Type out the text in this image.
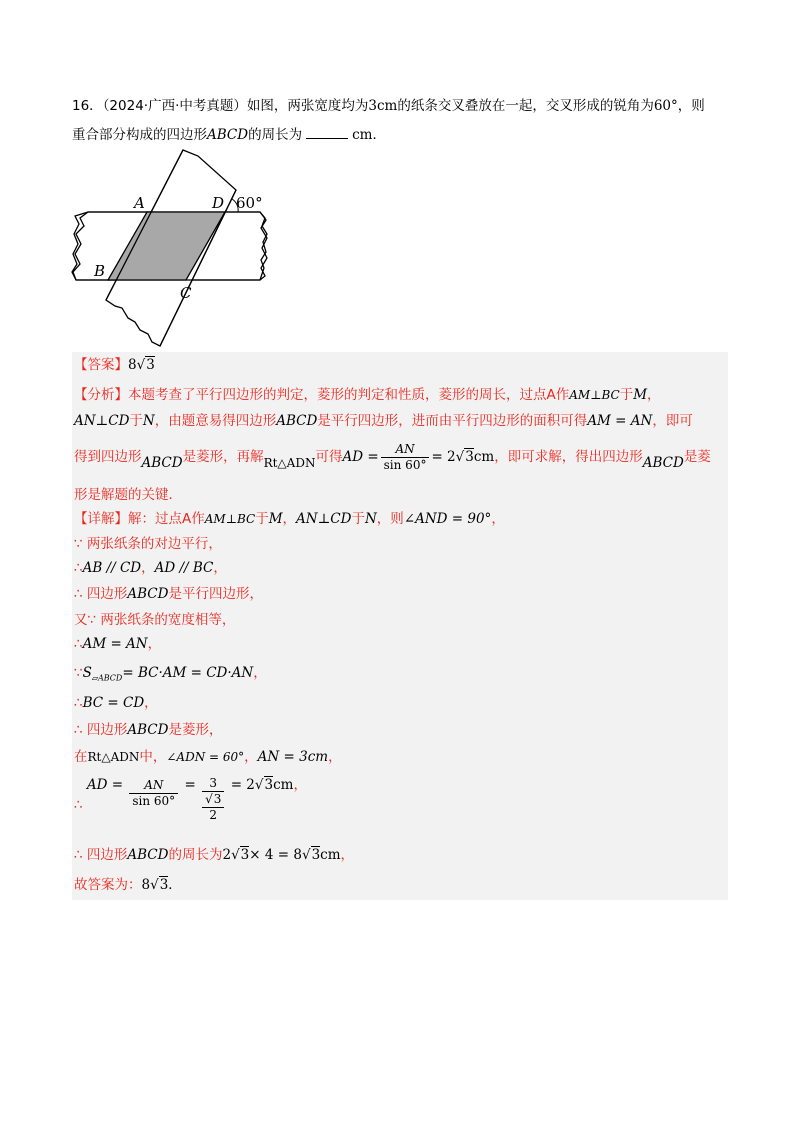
16．（2024·广西·中考真题）如图，两张宽度均为3cm的纸条交叉叠放在一起，交叉形成的锐角为60°，则
重合部分构成的四边形ABCD的周长为	cm．
A	D 60°
B
C
【答案】8√3
【分析】本题考查了平行四边形的判定，菱形的判定和性质，菱形的周长，过点A作AM⊥BC于M，
AN⊥CD于N，由题意易得四边形ABCD是平行四边形，进而由平行四边形的面积可得AM = AN，即可
得到四边形ABCD是菱形，再解Rt△ADN可得AD = $\frac{AN}{\sin 60^\circ} = 2√3cm$，即可求解，得出四边形ABCD是菱
形是解题的关键．
【详解】解：过点A作AM⊥BC于M，AN⊥CD于N，则∠AND = 90°，
∵ 两张纸条的对边平行，
∴AB // CD，AD // BC，
∴ 四边形ABCD是平行四边形，
又∵ 两张纸条的宽度相等，
∴AM = AN，
$\because S_{▱ABCD}= BC\cdot AM = CD\cdot AN$，
∴BC = CD，
∴ 四边形ABCD是菱形，
在Rt△ADN中，∠ADN = 60°，AN = 3cm，
∴ AD = $\frac{AN}{\sin 60^\circ}$ =	3
√3
2
= 2√3cm，
∴ 四边形ABCD的周长为2√3× 4 = 8√3cm，
故答案为：8√3．
